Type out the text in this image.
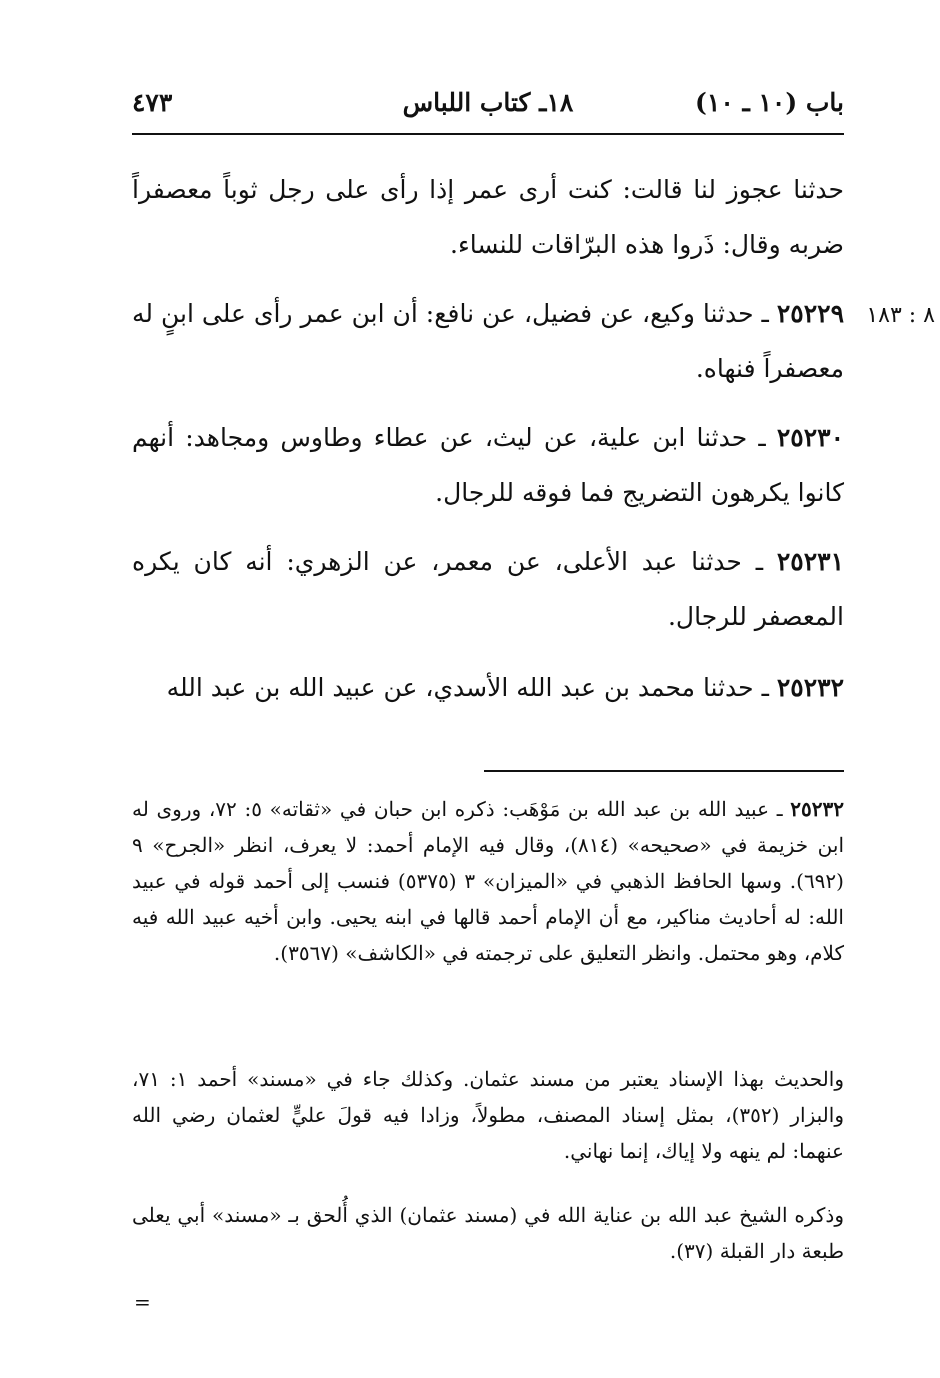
باب (١٠ ـ ١٠)
١٨ـ كتاب اللباس
٤٧٣

حدثنا عجوز لنا قالت: كنت أرى عمر إذا رأى على رجل ثوباً معصفراً ضربه وقال: ذَروا هذه البرّاقات للنساء.

٨ : ١٨٣

٢٥٢٢٩ ـ حدثنا وكيع، عن فضيل، عن نافع: أن ابن عمر رأى على ابنٍ له معصفراً فنهاه.

٢٥٢٣٠ ـ حدثنا ابن علية، عن ليث، عن عطاء وطاوس ومجاهد: أنهم كانوا يكرهون التضريج فما فوقه للرجال.

٢٥٢٣١ ـ حدثنا عبد الأعلى، عن معمر، عن الزهري: أنه كان يكره المعصفر للرجال.

٢٥٢٣٢ ـ حدثنا محمد بن عبد الله الأسدي، عن عبيد الله بن عبد الله

٢٥٢٣٢ ـ عبيد الله بن عبد الله بن مَوْهَب: ذكره ابن حبان في «ثقاته» ٥: ٧٢، وروى له ابن خزيمة في «صحيحه» (٨١٤)، وقال فيه الإمام أحمد: لا يعرف، انظر «الجرح» ٩ (٦٩٢). وسها الحافظ الذهبي في «الميزان» ٣ (٥٣٧٥) فنسب إلى أحمد قوله في عبيد الله: له أحاديث مناكير، مع أن الإمام أحمد قالها في ابنه يحيى. وابن أخيه عبيد الله فيه كلام، وهو محتمل. وانظر التعليق على ترجمته في «الكاشف» (٣٥٦٧).

والحديث بهذا الإسناد يعتبر من مسند عثمان. وكذلك جاء في «مسند» أحمد ١: ٧١، والبزار (٣٥٢)، بمثل إسناد المصنف، مطولاً، وزادا فيه قولَ عليٍّ لعثمان رضي الله عنهما: لم ينهه ولا إياك، إنما نهاني.

وذكره الشيخ عبد الله بن عناية الله في (مسند عثمان) الذي أُلحق بـ «مسند» أبي يعلى طبعة دار القبلة (٣٧).

=
